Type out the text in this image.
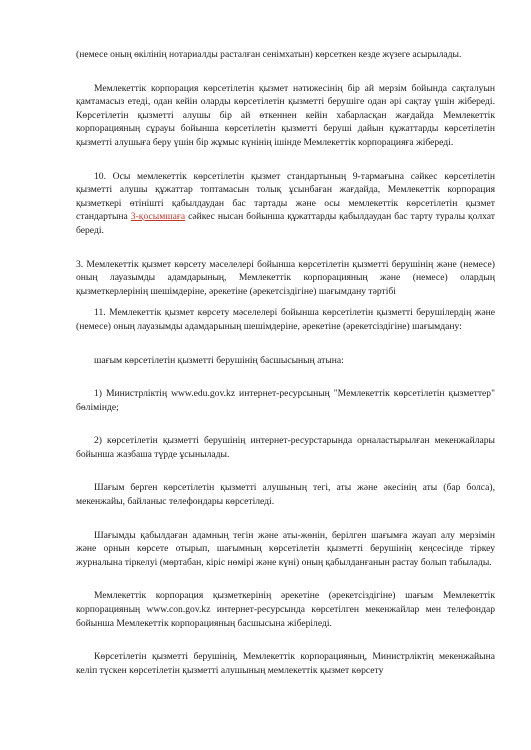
(немесе оның өкілінің нотариалды расталған сенімхатын) көрсеткен кезде жүзеге асырылады.

Мемлекеттік корпорация көрсетілетін қызмет нәтижесінің бір ай мерзім бойында сақталуын қамтамасыз етеді, одан кейін оларды көрсетілетін қызметті берушіге одан әрі сақтау үшін жібереді. Көрсетілетін қызметті алушы бір ай өткеннен кейін хабарласқан жағдайда Мемлекеттік корпорацияның сұрауы бойынша көрсетілетін қызметті беруші дайын құжаттарды көрсетілетін қызметті алушыға беру үшін бір жұмыс күнінің ішінде Мемлекеттік корпорацияға жібереді.

10. Осы мемлекеттік көрсетілетін қызмет стандартының 9-тармағына сәйкес көрсетілетін қызметті алушы құжаттар топтамасын толық ұсынбаған жағдайда, Мемлекеттік корпорация қызметкері өтінішті қабылдаудан бас тартады және осы мемлекеттік көрсетілетін қызмет стандартына 3-қосымшаға сәйкес нысан бойынша құжаттарды қабылдаудан бас тарту туралы қолхат береді.

3. Мемлекеттік қызмет көрсету мәселелері бойынша көрсетілетін қызметті берушінің және (немесе) оның лауазымды адамдарының, Мемлекеттік корпорацияның және (немесе) олардың қызметкерлерінің шешімдеріне, әрекетіне (әрекетсіздігіне) шағымдану тәртібі

11. Мемлекеттік қызмет көрсету мәселелері бойынша көрсетілетін қызметті берушілердің және (немесе) оның лауазымды адамдарының шешімдеріне, әрекетіне (әрекетсіздігіне) шағымдану:

шағым көрсетілетін қызметті берушінің басшысының атына:

1) Министрліктің www.edu.gov.kz интернет-ресурсының "Мемлекеттік көрсетілетін қызметтер" бөлімінде;

2) көрсетілетін қызметті берушінің интернет-ресурстарында орналастырылған мекенжайлары бойынша жазбаша түрде ұсынылады.

Шағым берген көрсетілетін қызметті алушының тегі, аты және әкесінің аты (бар болса), мекенжайы, байланыс телефондары көрсетіледі.

Шағымды қабылдаған адамның тегін және аты-жөнін, берілген шағымға жауап алу мерзімін және орнын көрсете отырып, шағымның көрсетілетін қызметті берушінің кеңсесінде тіркеу журналына тіркелуі (мөртабан, кіріс нөмірі және күні) оның қабылданғанын растау болып табылады.

Мемлекеттік корпорация қызметкерінің әрекетіне (әрекетсіздігіне) шағым Мемлекеттік корпорацияның www.con.gov.kz интернет-ресурсында көрсетілген мекенжайлар мен телефондар бойынша Мемлекеттік корпорацияның басшысына жіберіледі.

Көрсетілетін қызметті берушінің, Мемлекеттік корпорацияның, Министрліктің мекенжайына келіп түскен көрсетілетін қызметті алушының мемлекеттік қызмет көрсету
